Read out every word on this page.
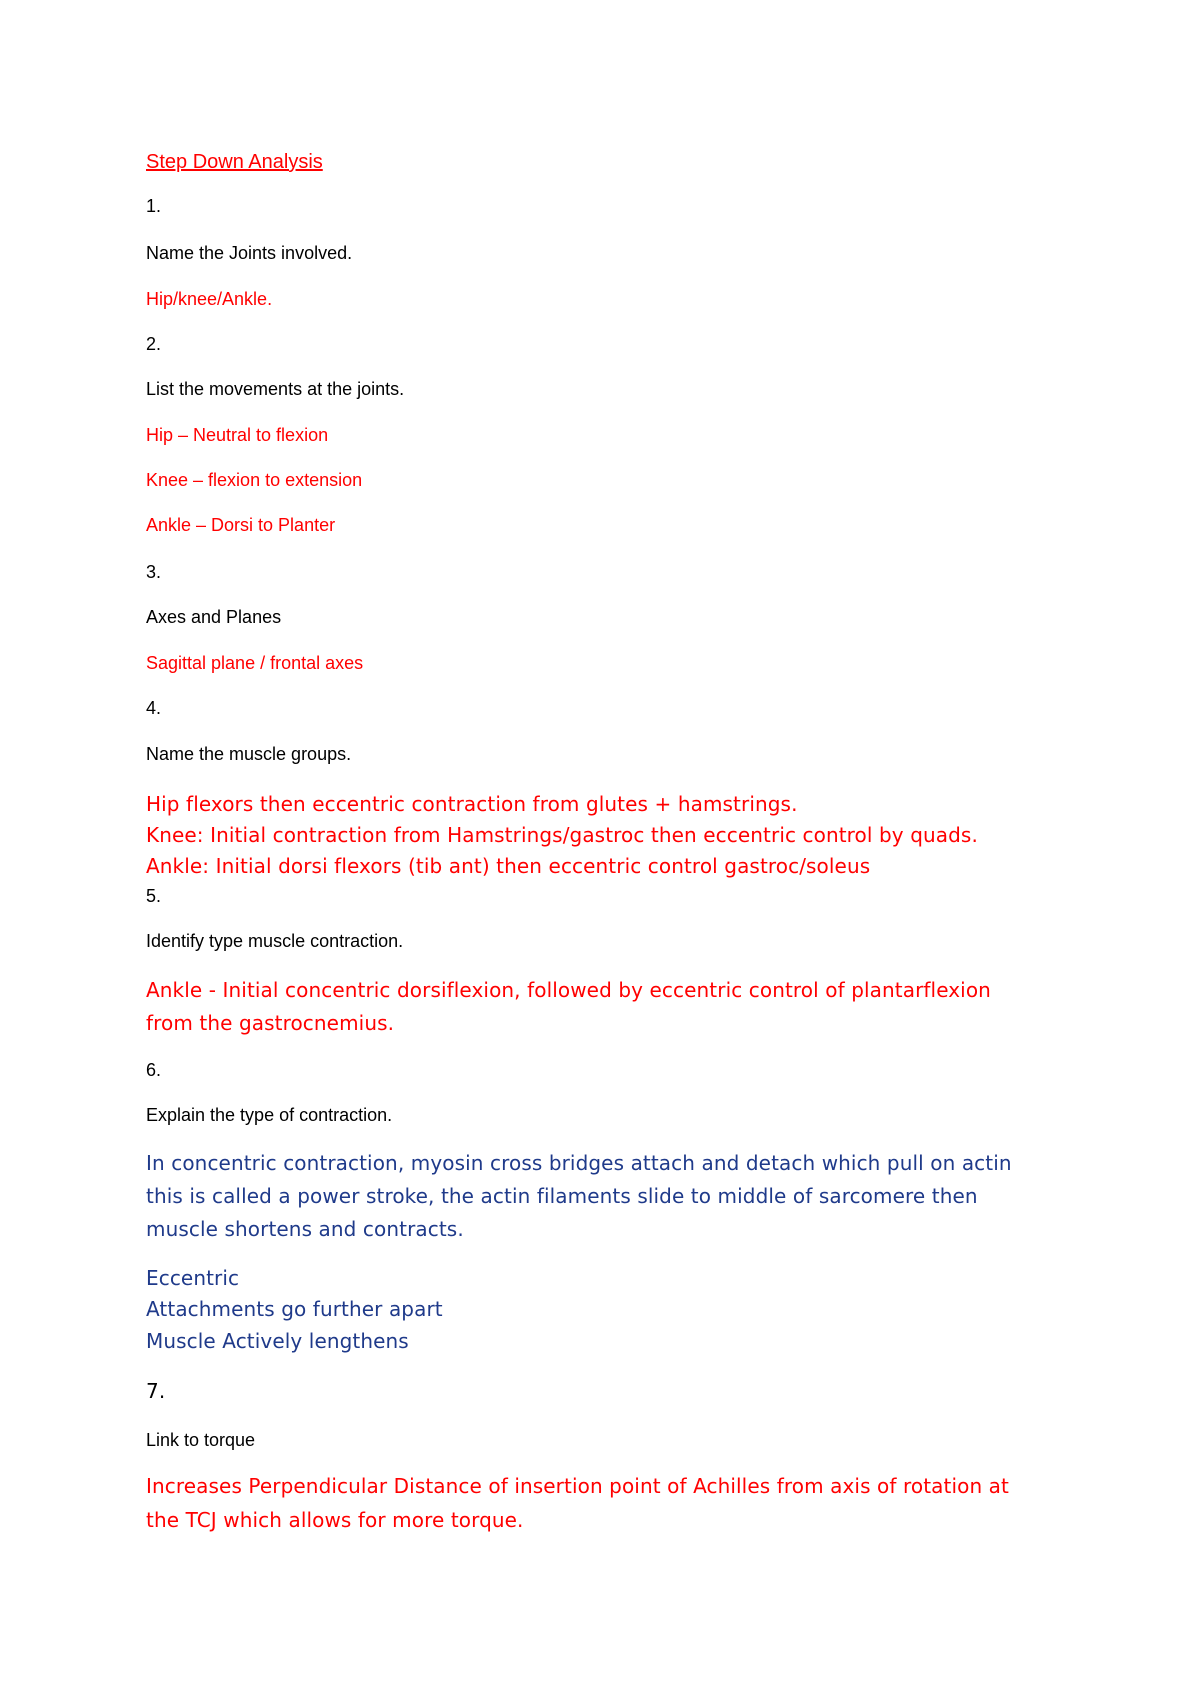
Step Down Analysis

1.

Name the Joints involved.

Hip/knee/Ankle.

2.

List the movements at the joints.

Hip – Neutral to flexion

Knee – flexion to extension

Ankle – Dorsi to Planter

3.

Axes and Planes

Sagittal plane / frontal axes

4.

Name the muscle groups.

Hip flexors then eccentric contraction from glutes + hamstrings.

Knee: Initial contraction from Hamstrings/gastroc then eccentric control by quads.

Ankle: Initial dorsi flexors (tib ant) then eccentric control gastroc/soleus

5.

Identify type muscle contraction.

Ankle - Initial concentric dorsiflexion, followed by eccentric control of plantarflexion

from the gastrocnemius.

6.

Explain the type of contraction.

In concentric contraction, myosin cross bridges attach and detach which pull on actin

this is called a power stroke, the actin filaments slide to middle of sarcomere then

muscle shortens and contracts.

Eccentric

Attachments go further apart

Muscle Actively lengthens

7.

Link to torque

Increases Perpendicular Distance of insertion point of Achilles from axis of rotation at

the TCJ which allows for more torque.
